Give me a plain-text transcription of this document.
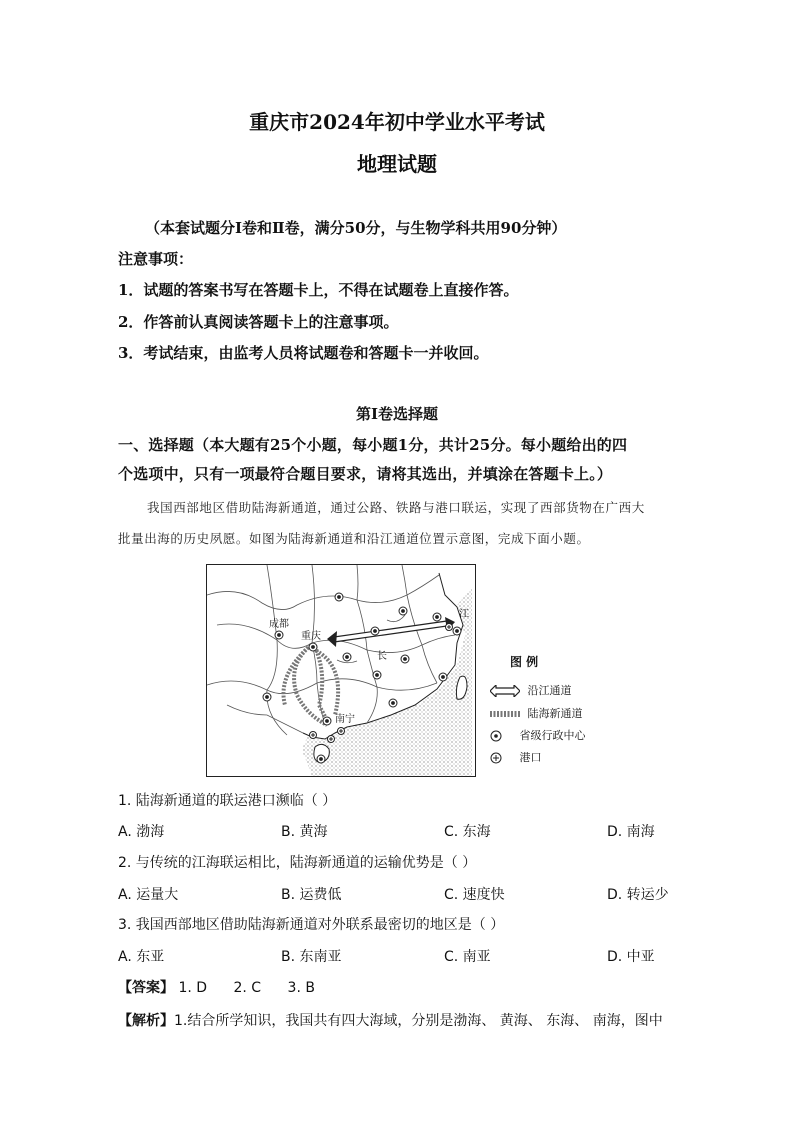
重庆市2024年初中学业水平考试
地理试题
（本套试题分Ⅰ卷和Ⅱ卷，满分50分，与生物学科共用90分钟）
注意事项：
1．试题的答案书写在答题卡上，不得在试题卷上直接作答。
2．作答前认真阅读答题卡上的注意事项。
3．考试结束，由监考人员将试题卷和答题卡一并收回。
第Ⅰ卷选择题
一、选择题（本大题有25个小题，每小题1分，共计25分。每小题给出的四
个选项中，只有一项最符合题目要求，请将其选出，并填涂在答题卡上。）
我国西部地区借助陆海新通道，通过公路、铁路与港口联运，实现了西部货物在广西大
批量出海的历史夙愿。如图为陆海新通道和沿江通道位置示意图，完成下面小题。
成都
重庆
南宁
江
长	图 例
沿江通道
陆海新通道
省级行政中心
港口
1. 陆海新通道的联运港口濒临（ ）
A. 渤海	B. 黄海	C. 东海	D. 南海
2. 与传统的江海联运相比，陆海新通道的运输优势是（ ）
A. 运量大	B. 运费低	C. 速度快	D. 转运少
3. 我国西部地区借助陆海新通道对外联系最密切的地区是（ ）
A. 东亚	B. 东南亚	C. 南亚	D. 中亚
【答案】 1. D 2. C 3. B
【解析】1.结合所学知识，我国共有四大海域，分别是渤海、 黄海、 东海、 南海，图中
